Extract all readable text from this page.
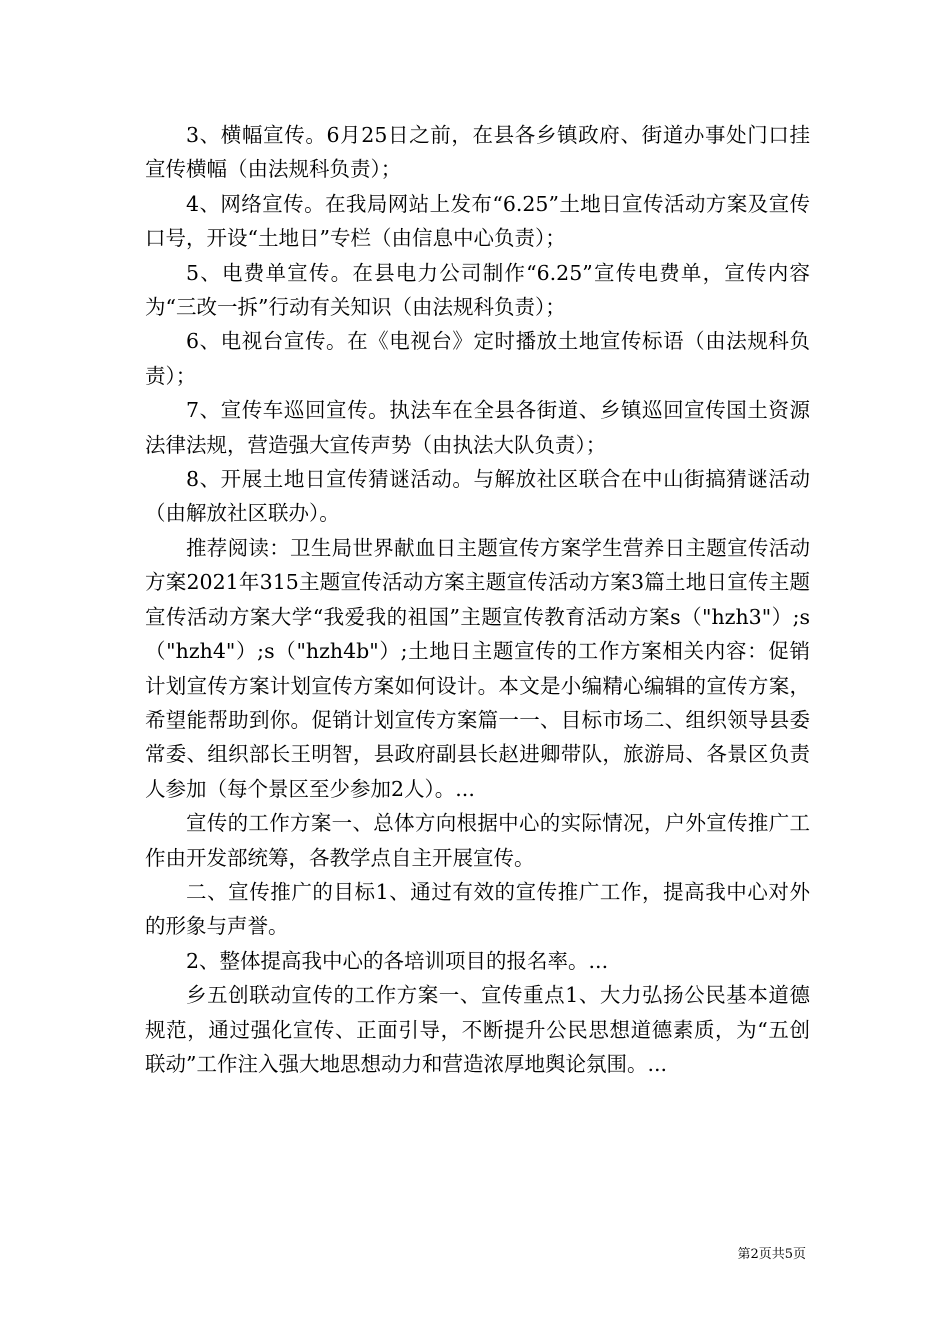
3、横幅宣传。6月25日之前，在县各乡镇政府、街道办事处门口挂宣传横幅（由法规科负责）；

4、网络宣传。在我局网站上发布“6.25”土地日宣传活动方案及宣传口号，开设“土地日”专栏（由信息中心负责）；

5、电费单宣传。在县电力公司制作“6.25”宣传电费单，宣传内容为“三改一拆”行动有关知识（由法规科负责）；

6、电视台宣传。在《电视台》定时播放土地宣传标语（由法规科负责）；

7、宣传车巡回宣传。执法车在全县各街道、乡镇巡回宣传国土资源法律法规，营造强大宣传声势（由执法大队负责）；

8、开展土地日宣传猜谜活动。与解放社区联合在中山街搞猜谜活动（由解放社区联办）。

推荐阅读：卫生局世界献血日主题宣传方案学生营养日主题宣传活动方案2021年315主题宣传活动方案主题宣传活动方案3篇土地日宣传主题宣传活动方案大学“我爱我的祖国”主题宣传教育活动方案s（"hzh3"）;s（"hzh4"）;s（"hzh4b"）;土地日主题宣传的工作方案相关内容：促销计划宣传方案计划宣传方案如何设计。本文是小编精心编辑的宣传方案，希望能帮助到你。促销计划宣传方案篇一一、目标市场二、组织领导县委常委、组织部长王明智，县政府副县长赵进卿带队，旅游局、各景区负责人参加（每个景区至少参加2人）。...

宣传的工作方案一、总体方向根据中心的实际情况，户外宣传推广工作由开发部统筹，各教学点自主开展宣传。

二、宣传推广的目标1、通过有效的宣传推广工作，提高我中心对外的形象与声誉。

2、整体提高我中心的各培训项目的报名率。...

乡五创联动宣传的工作方案一、宣传重点1、大力弘扬公民基本道德规范，通过强化宣传、正面引导，不断提升公民思想道德素质，为“五创联动”工作注入强大地思想动力和营造浓厚地舆论氛围。...

第2页共5页
